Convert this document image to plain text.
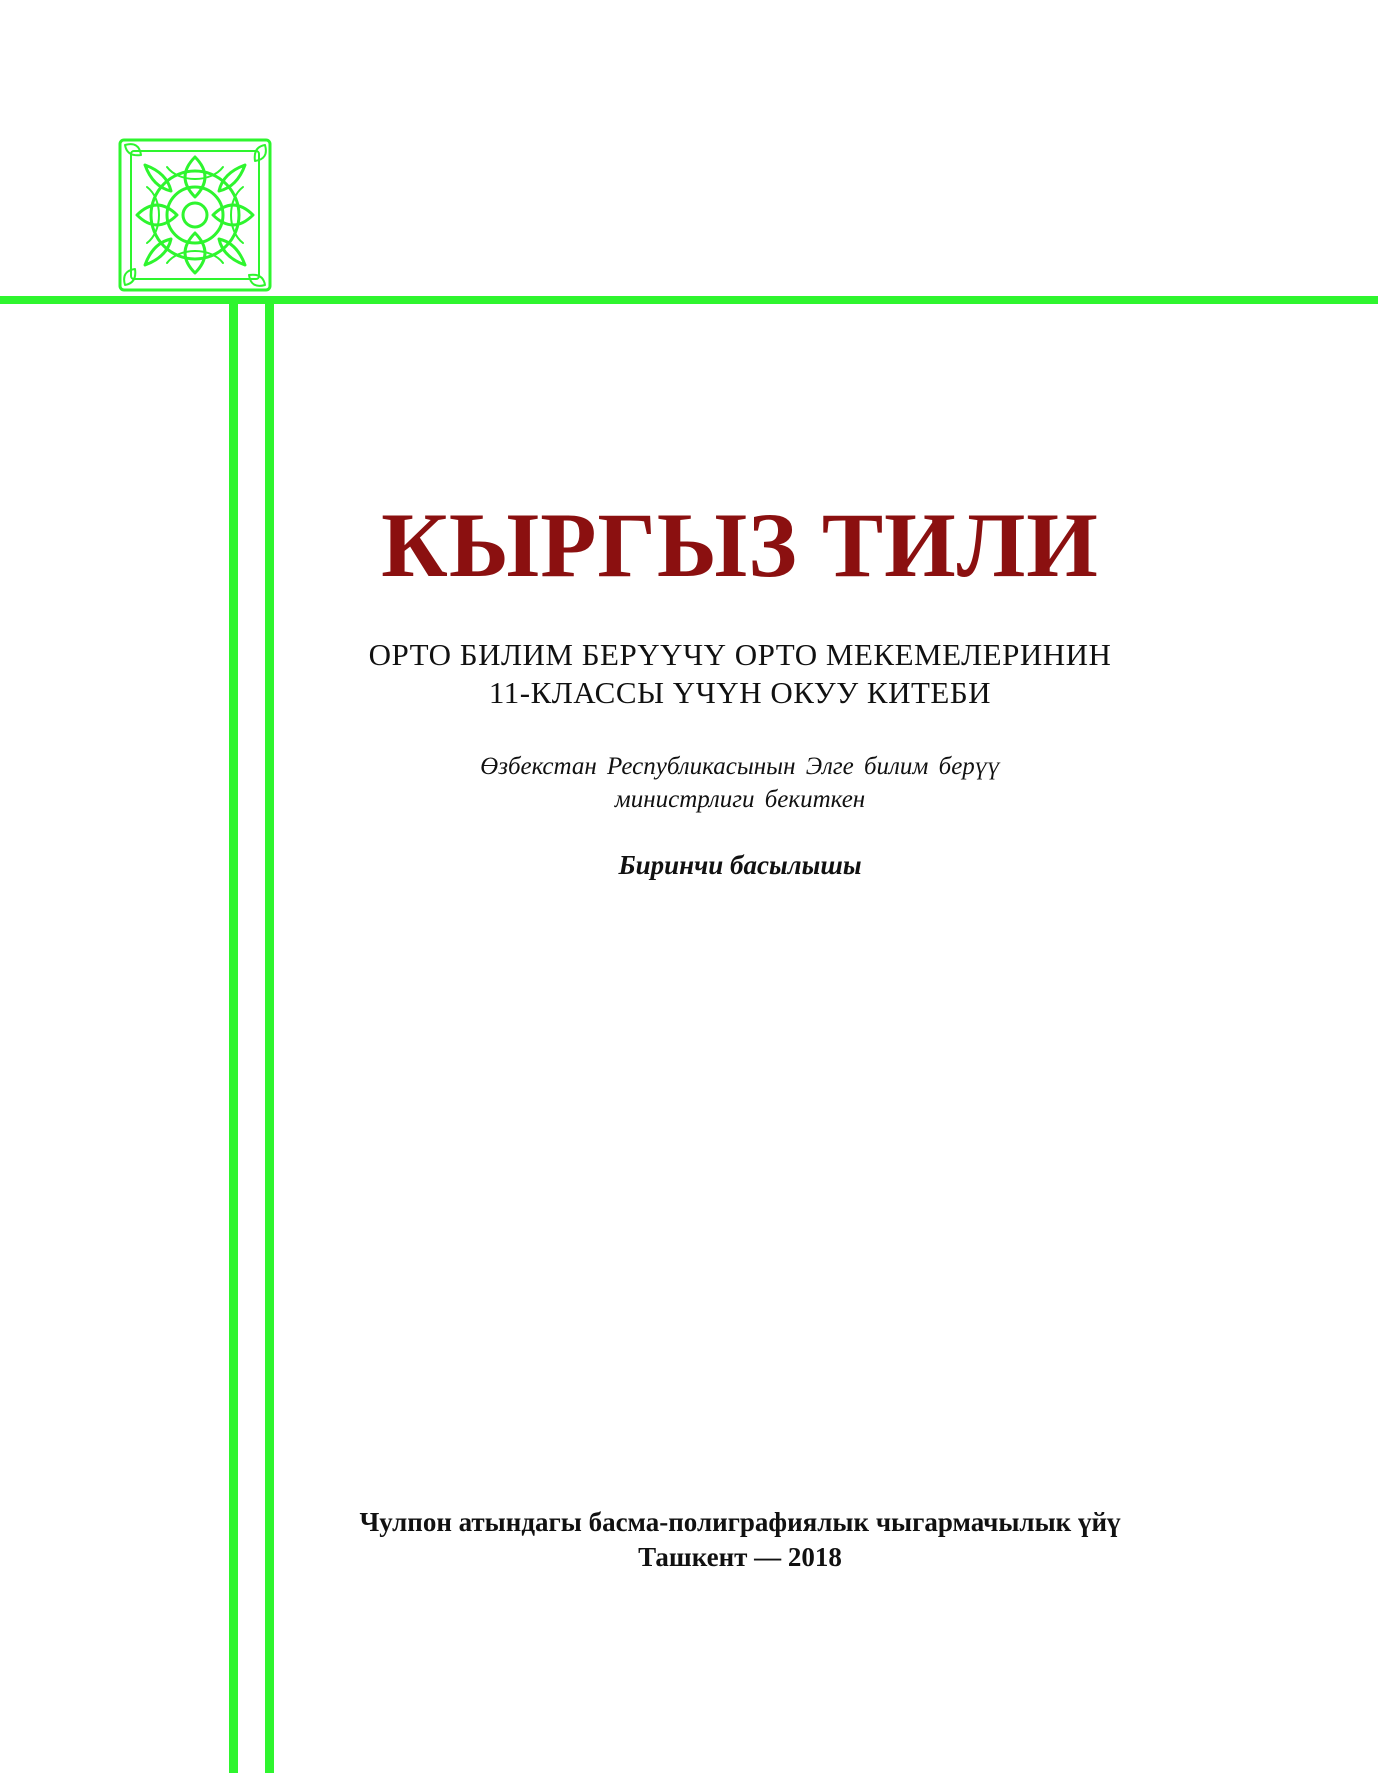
КЫРГЫЗ ТИЛИ
ОРТО БИЛИМ БЕРҮҮЧҮ ОРТО МЕКЕМЕЛЕРИНИН
11-КЛАССЫ ҮЧҮН ОКУУ КИТЕБИ
Өзбекстан Республикасынын Элге билим берүү
министрлиги бекиткен
Биринчи басылышы
Чулпон атындагы басма-полиграфиялык чыгармачылык үйү
Ташкент — 2018
